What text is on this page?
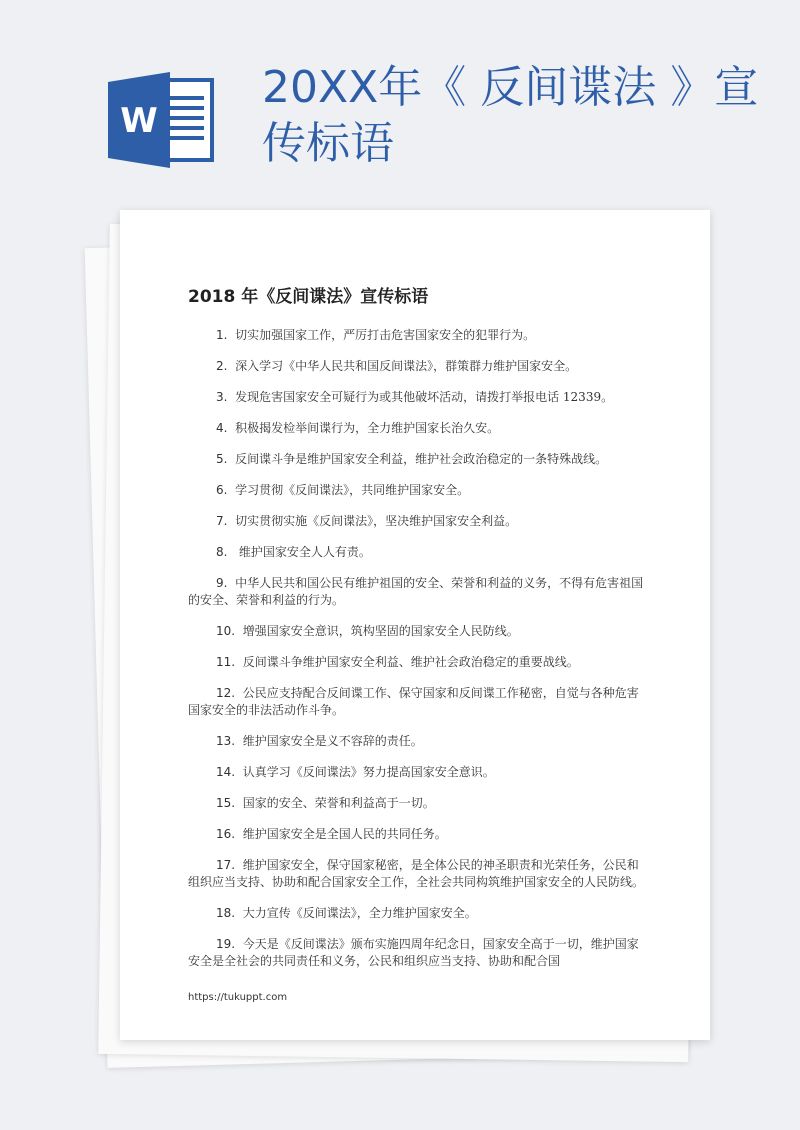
W
20XX年《 反间谍法 》宣传标语
2018 年《反间谍法》宣传标语

1. 切实加强国家工作，严厉打击危害国家安全的犯罪行为。

2. 深入学习《中华人民共和国反间谍法》，群策群力维护国家安全。

3. 发现危害国家安全可疑行为或其他破坏活动，请拨打举报电话 12339。

4. 积极揭发检举间谍行为，全力维护国家长治久安。

5. 反间谍斗争是维护国家安全利益，维护社会政治稳定的一条特殊战线。

6. 学习贯彻《反间谍法》，共同维护国家安全。

7. 切实贯彻实施《反间谍法》，坚决维护国家安全利益。

8.   维护国家安全人人有责。

9. 中华人民共和国公民有维护祖国的安全、荣誉和利益的义务，不得有危害祖国的安全、荣誉和利益的行为。

10. 增强国家安全意识，筑构坚固的国家安全人民防线。

11. 反间谍斗争维护国家安全利益、维护社会政治稳定的重要战线。

12. 公民应支持配合反间谍工作、保守国家和反间谍工作秘密，自觉与各种危害国家安全的非法活动作斗争。

13. 维护国家安全是义不容辞的责任。

14. 认真学习《反间谍法》努力提高国家安全意识。

15. 国家的安全、荣誉和利益高于一切。

16. 维护国家安全是全国人民的共同任务。

17. 维护国家安全，保守国家秘密，是全体公民的神圣职责和光荣任务，公民和组织应当支持、协助和配合国家安全工作，全社会共同构筑维护国家安全的人民防线。

18. 大力宣传《反间谍法》，全力维护国家安全。

19. 今天是《反间谍法》颁布实施四周年纪念日，国家安全高于一切，维护国家安全是全社会的共同责任和义务，公民和组织应当支持、协助和配合国

https://tukuppt.com
